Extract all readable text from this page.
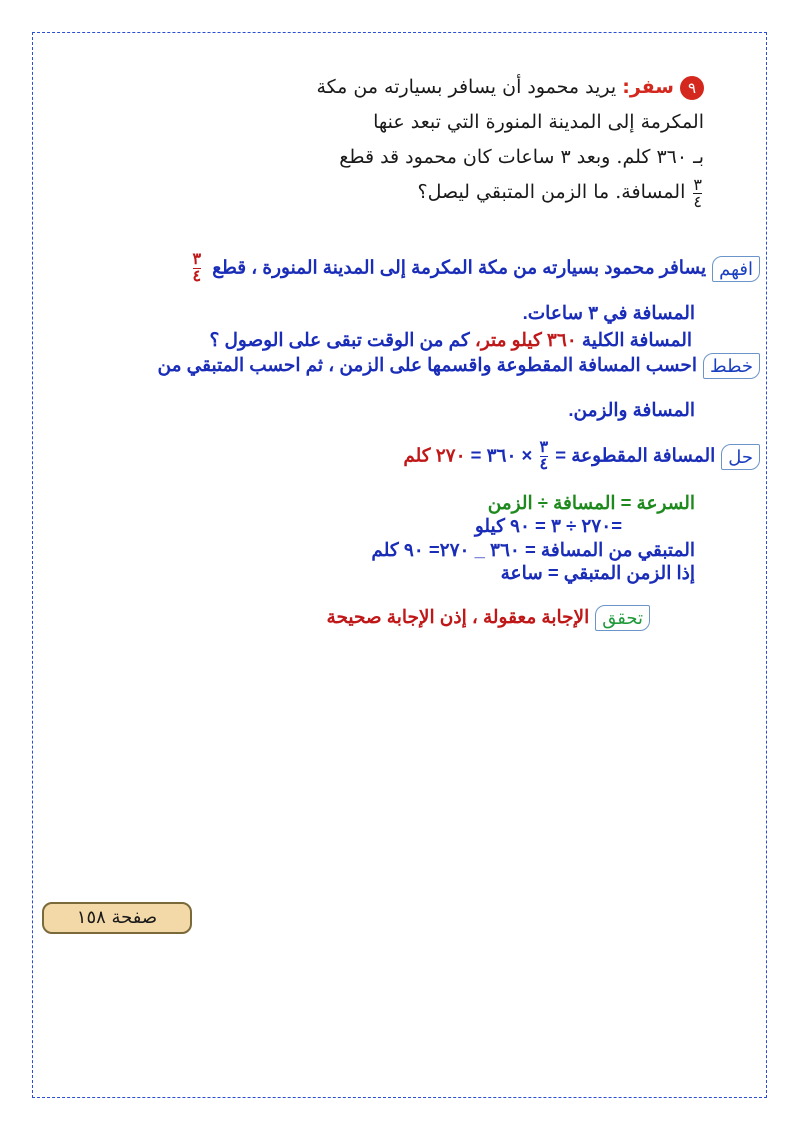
٩سفر: يريد محمود أن يسافر بسيارته من مكة
المكرمة إلى المدينة المنورة التي تبعد عنها
بـ ٣٦٠ كلم. وبعد ٣ ساعات كان محمود قد قطع
$\frac{٣}{٤}$
المسافة. ما الزمن المتبقي ليصل؟
افهميسافر محمود بسيارته من مكة المكرمة إلى المدينة المنورة ، قطع
$\frac{٣}{٤}$
المسافة في ٣ ساعات.
المسافة الكلية ٣٦٠ كيلو متر، كم من الوقت تبقى على الوصول ؟
خططاحسب المسافة المقطوعة واقسمها على الزمن ، ثم احسب المتبقي من
المسافة والزمن.
حلالمسافة المقطوعة =
$\frac{٣}{٤}$
× ٣٦٠ = ٢٧٠ كلم
السرعة = المسافة ÷ الزمن
=٢٧٠ ÷ ٣ = ٩٠ كيلو
المتبقي من المسافة = ٣٦٠ _ ٢٧٠= ٩٠ كلم
إذا الزمن المتبقي = ساعة
تحققالإجابة معقولة ، إذن الإجابة صحيحة
صفحة ١٥٨
